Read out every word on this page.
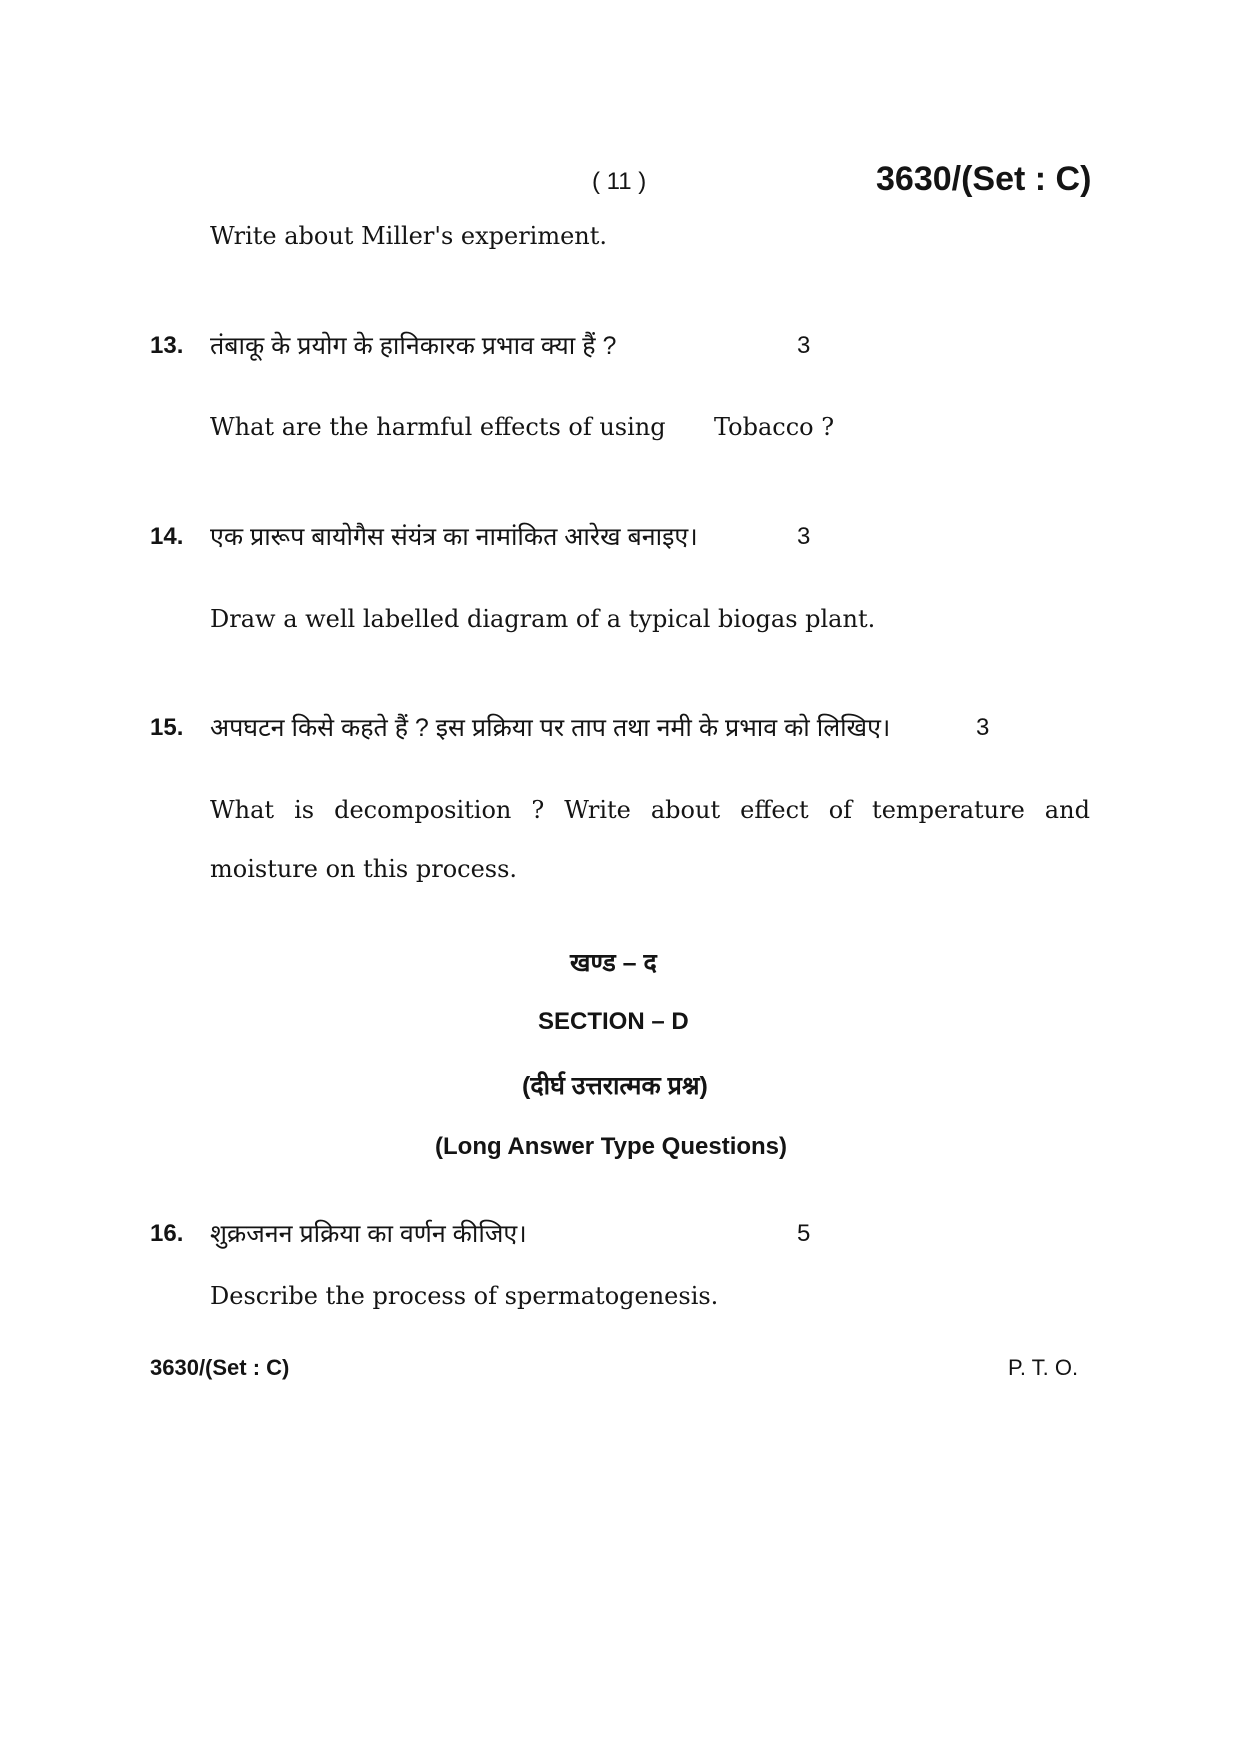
( 11 )	3630/(Set : C)
Write about Miller's experiment.
13. तंबाकू के प्रयोग के हानिकारक प्रभाव क्या हैं ?	3
What are the harmful effects of using Tobacco ?
14. एक प्रारूप बायोगैस संयंत्र का नामांकित आरेख बनाइए।	3
Draw a well labelled diagram of a typical biogas plant.
15. अपघटन किसे कहते हैं ? इस प्रक्रिया पर ताप तथा नमी के प्रभाव को लिखिए।	3
What is decomposition ? Write about effect of temperature and
moisture on this process.
खण्ड – द
SECTION – D
(दीर्घ उत्तरात्मक प्रश्न)
(Long Answer Type Questions)
16. शुक्रजनन प्रक्रिया का वर्णन कीजिए।	5
Describe the process of spermatogenesis.
3630/(Set : C)	P. T. O.
